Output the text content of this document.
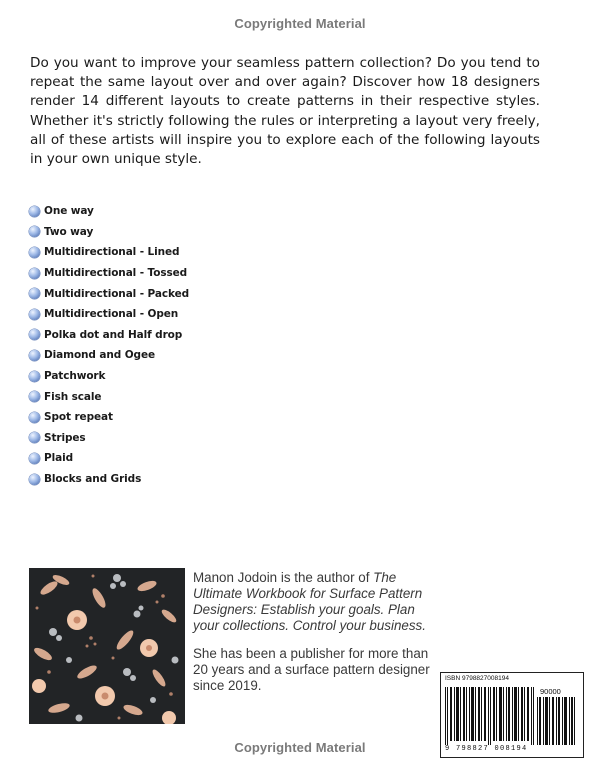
Copyrighted Material

Do you want to improve your seamless pattern collection? Do you tend to repeat the same layout over and over again? Discover how 18 designers render 14 different layouts to create patterns in their respective styles. Whether it's strictly following the rules or interpreting a layout very freely, all of these artists will inspire you to explore each of the following layouts in your own unique style.

One way
Two way
Multidirectional - Lined
Multidirectional - Tossed
Multidirectional - Packed
Multidirectional - Open
Polka dot and Half drop
Diamond and Ogee
Patchwork
Fish scale
Spot repeat
Stripes
Plaid
Blocks and Grids

Manon Jodoin is the author of The Ultimate Workbook for Surface Pattern Designers: Establish your goals. Plan your collections. Control your business.

She has been a publisher for more than 20 years and a surface pattern designer since 2019.	ISBN 9798827008194
90000
9 798827 008194
Copyrighted Material
